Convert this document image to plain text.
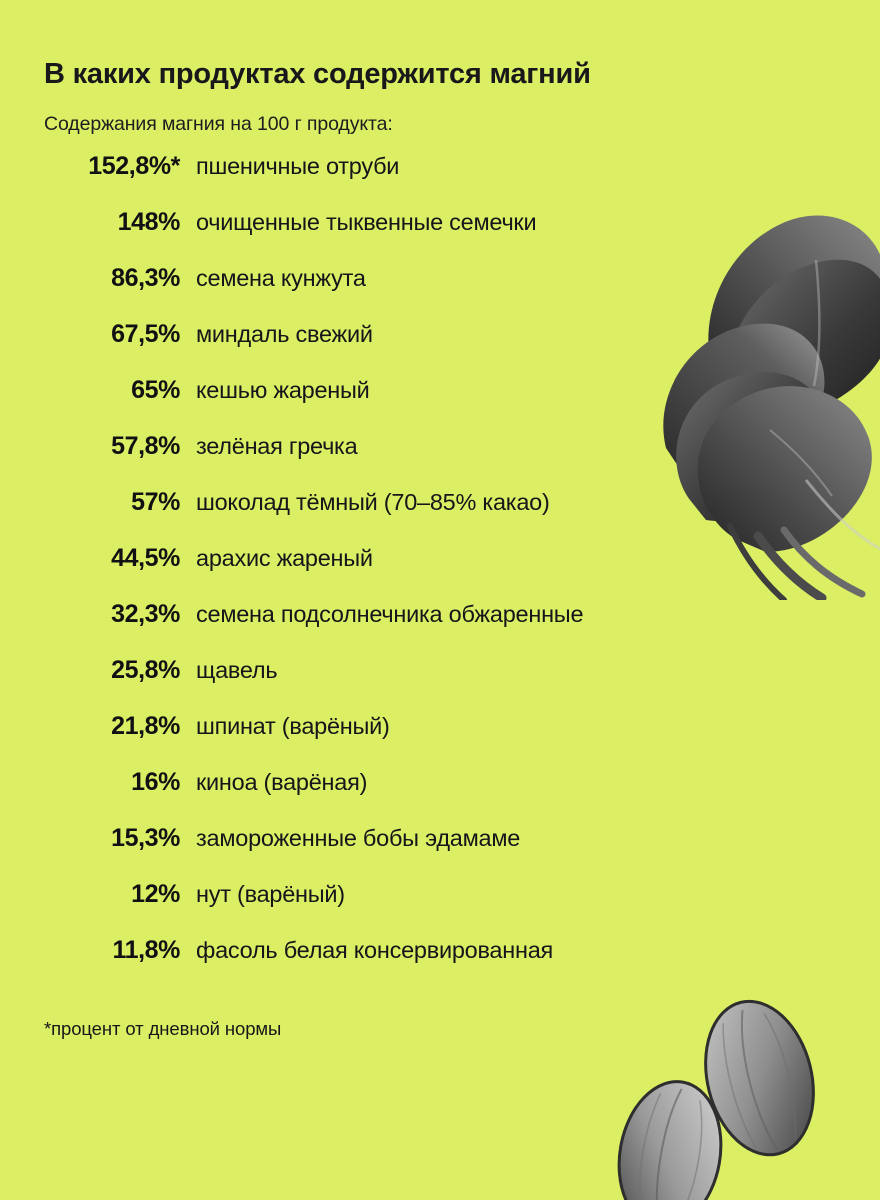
В каких продуктах содержится магний
Содержания магния на 100 г продукта:
152,8%* пшеничные отруби
148% очищенные тыквенные семечки
86,3% семена кунжута
67,5% миндаль свежий
65% кешью жареный
57,8% зелёная гречка
57% шоколад тёмный (70–85% какао)
44,5% арахис жареный
32,3% семена подсолнечника обжаренные
25,8% щавель
21,8% шпинат (варёный)
16% киноа (варёная)
15,3% замороженные бобы эдамаме
12% нут (варёный)
11,8% фасоль белая консервированная
*процент от дневной нормы
